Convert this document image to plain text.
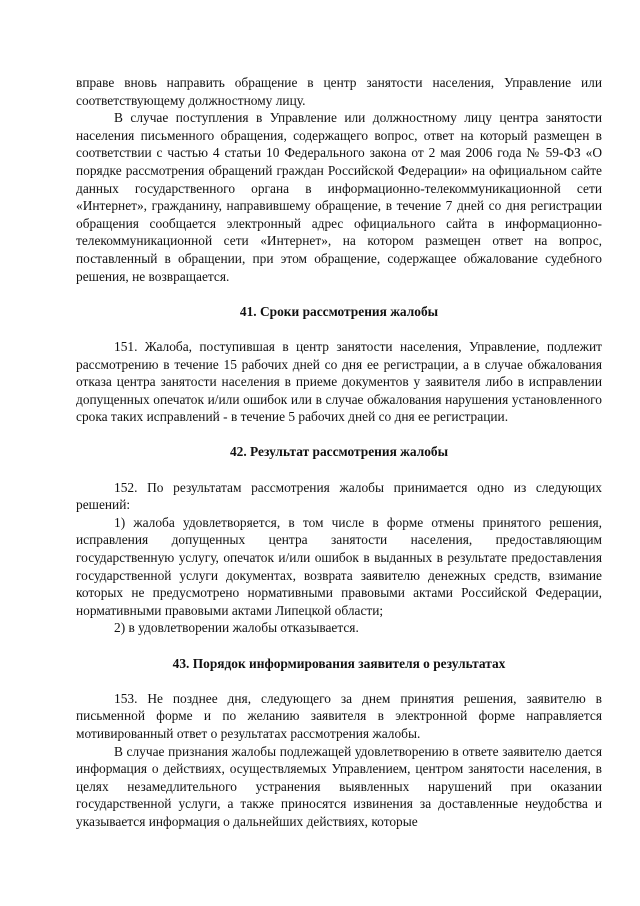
вправе вновь направить обращение в центр занятости населения, Управление или соответствующему должностному лицу.

В случае поступления в Управление или должностному лицу центра занятости населения письменного обращения, содержащего вопрос, ответ на который размещен в соответствии с частью 4 статьи 10 Федерального закона от 2 мая 2006 года № 59-ФЗ «О порядке рассмотрения обращений граждан Российской Федерации» на официальном сайте данных государственного органа в информационно-телекоммуникационной сети «Интернет», гражданину, направившему обращение, в течение 7 дней со дня регистрации обращения сообщается электронный адрес официального сайта в информационно-телекоммуникационной сети «Интернет», на котором размещен ответ на вопрос, поставленный в обращении, при этом обращение, содержащее обжалование судебного решения, не возвращается.

41. Сроки рассмотрения жалобы

151. Жалоба, поступившая в центр занятости населения, Управление, подлежит рассмотрению в течение 15 рабочих дней со дня ее регистрации, а в случае обжалования отказа центра занятости населения в приеме документов у заявителя либо в исправлении допущенных опечаток и/или ошибок или в случае обжалования нарушения установленного срока таких исправлений - в течение 5 рабочих дней со дня ее регистрации.

42. Результат рассмотрения жалобы

152. По результатам рассмотрения жалобы принимается одно из следующих решений:

1) жалоба удовлетворяется, в том числе в форме отмены принятого решения, исправления допущенных центра занятости населения, предоставляющим государственную услугу, опечаток и/или ошибок в выданных в результате предоставления государственной услуги документах, возврата заявителю денежных средств, взимание которых не предусмотрено нормативными правовыми актами Российской Федерации, нормативными правовыми актами Липецкой области;

2) в удовлетворении жалобы отказывается.

43. Порядок информирования заявителя о результатах

153. Не позднее дня, следующего за днем принятия решения, заявителю в письменной форме и по желанию заявителя в электронной форме направляется мотивированный ответ о результатах рассмотрения жалобы.

В случае признания жалобы подлежащей удовлетворению в ответе заявителю дается информация о действиях, осуществляемых Управлением, центром занятости населения, в целях незамедлительного устранения выявленных нарушений при оказании государственной услуги, а также приносятся извинения за доставленные неудобства и указывается информация о дальнейших действиях, которые
